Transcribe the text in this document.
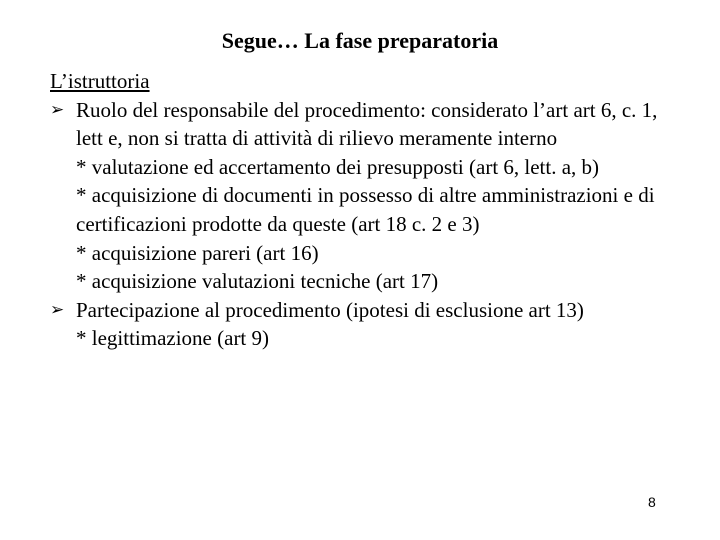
Segue… La fase preparatoria

L’istruttoria

➢ Ruolo del responsabile del procedimento: considerato l’art art 6, c. 1, lett e, non si tratta di attività di rilievo meramente interno

* valutazione ed accertamento dei presupposti (art 6, lett. a, b)
* acquisizione di documenti in possesso di altre amministrazioni e di certificazioni prodotte da queste (art 18 c. 2 e 3)
* acquisizione pareri (art 16)
* acquisizione valutazioni tecniche (art 17)

➢ Partecipazione al procedimento (ipotesi di esclusione art 13)

* legittimazione (art 9)
8
